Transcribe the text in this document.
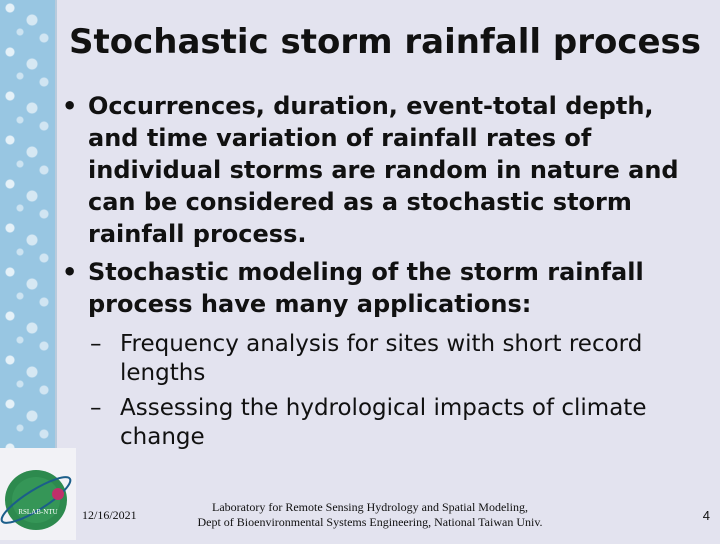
Stochastic storm rainfall process
• Occurrences, duration, event-total depth, and time variation of rainfall rates of individual storms are random in nature and can be considered as a stochastic storm rainfall process.
• Stochastic modeling of the storm rainfall process have many applications:
– Frequency analysis for sites with short record lengths
– Assessing the hydrological impacts of climate change
RSLAB-NTU 12/16/2021
Laboratory for Remote Sensing Hydrology and Spatial Modeling,
Dept of Bioenvironmental Systems Engineering, National Taiwan Univ.	4
